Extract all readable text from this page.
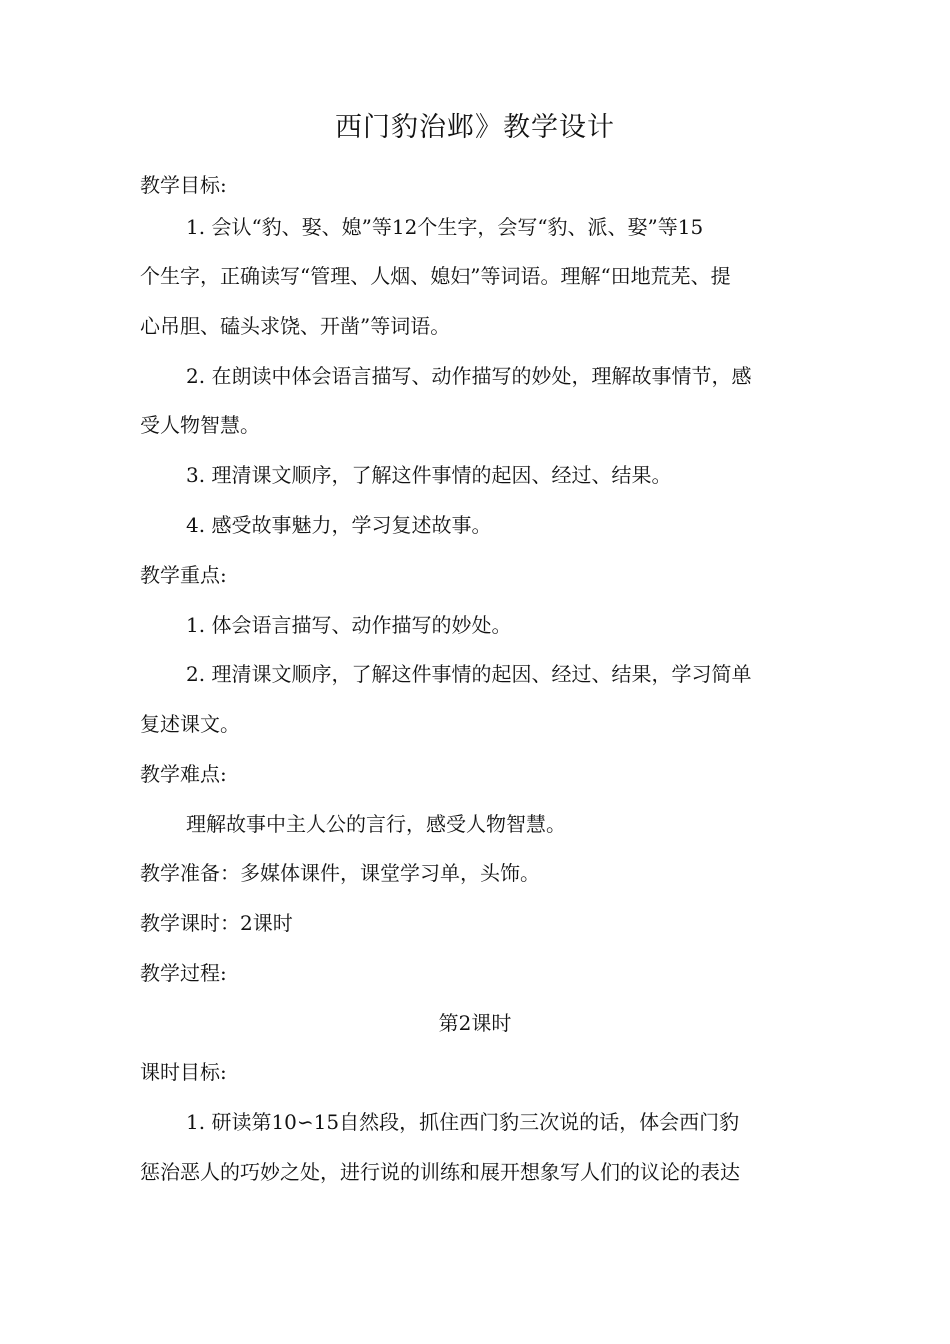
西门豹治邺》教学设计
教学目标:
1. 会认“豹、娶、媳”等12个生字，会写“豹、派、娶”等15
个生字，正确读写“管理、人烟、媳妇”等词语。理解“田地荒芜、提
心吊胆、磕头求饶、开凿”等词语。
2. 在朗读中体会语言描写、动作描写的妙处，理解故事情节，感
受人物智慧。
3. 理清课文顺序，了解这件事情的起因、经过、结果。
4. 感受故事魅力，学习复述故事。
教学重点:
1. 体会语言描写、动作描写的妙处。
2. 理清课文顺序，了解这件事情的起因、经过、结果，学习简单
复述课文。
教学难点:
理解故事中主人公的言行，感受人物智慧。
教学准备：多媒体课件，课堂学习单，头饰。
教学课时：2课时
教学过程:
第2课时
课时目标:
1. 研读第10∽15自然段，抓住西门豹三次说的话，体会西门豹
惩治恶人的巧妙之处，进行说的训练和展开想象写人们的议论的表达
